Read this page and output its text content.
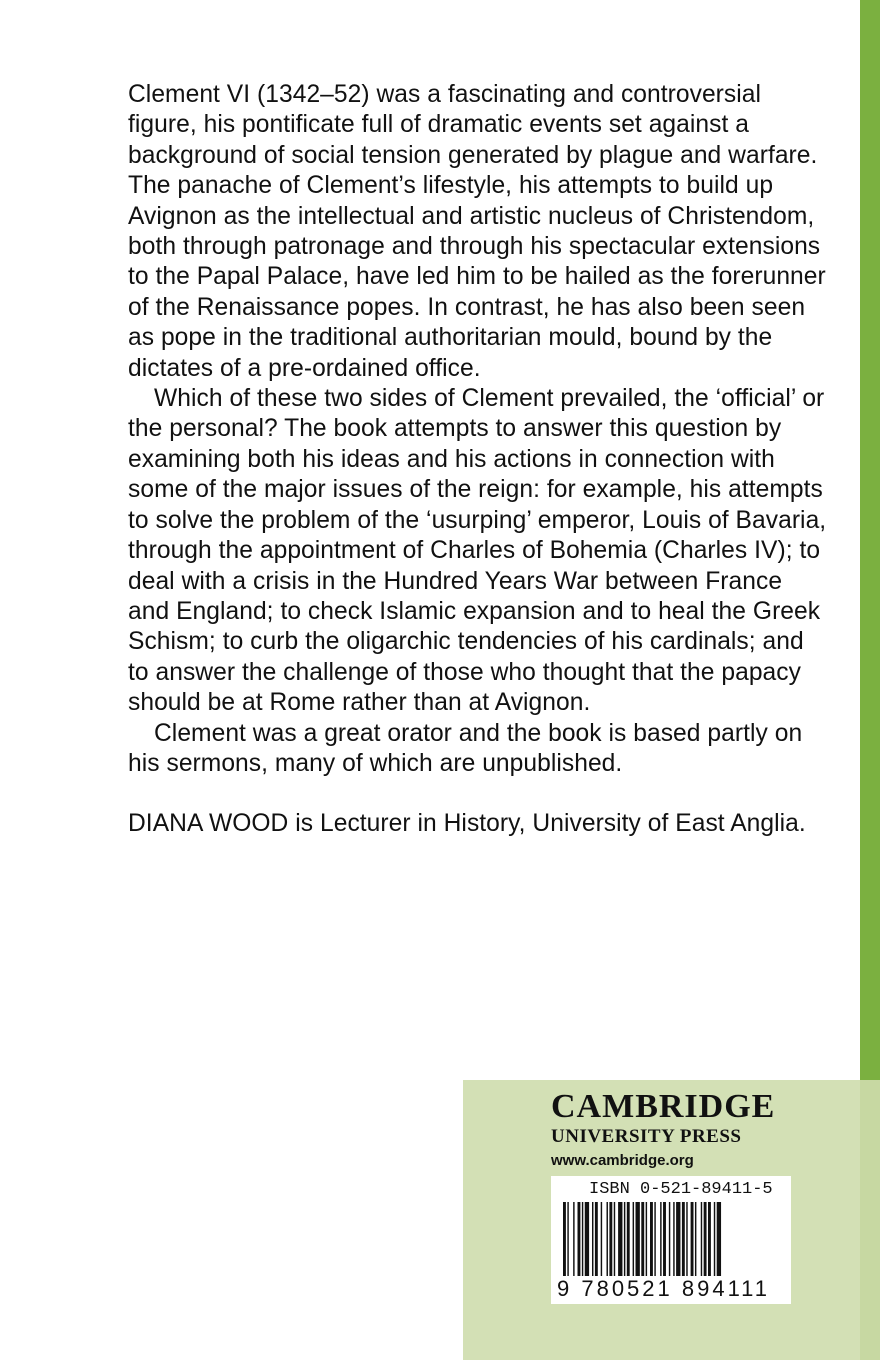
Clement VI (1342–52) was a fascinating and controversial figure, his pontificate full of dramatic events set against a background of social tension generated by plague and warfare. The panache of Clement’s lifestyle, his attempts to build up Avignon as the intellectual and artistic nucleus of Christendom, both through patronage and through his spectacular extensions to the Papal Palace, have led him to be hailed as the forerunner of the Renaissance popes. In contrast, he has also been seen as pope in the traditional authoritarian mould, bound by the dictates of a pre-ordained office.

Which of these two sides of Clement prevailed, the ‘official’ or the personal? The book attempts to answer this question by examining both his ideas and his actions in connection with some of the major issues of the reign: for example, his attempts to solve the problem of the ‘usurping’ emperor, Louis of Bavaria, through the appointment of Charles of Bohemia (Charles IV); to deal with a crisis in the Hundred Years War between France and England; to check Islamic expansion and to heal the Greek Schism; to curb the oligarchic tendencies of his cardinals; and to answer the challenge of those who thought that the papacy should be at Rome rather than at Avignon.

Clement was a great orator and the book is based partly on his sermons, many of which are unpublished.

DIANA WOOD is Lecturer in History, University of East Anglia.

CAMBRIDGE
UNIVERSITY PRESS
www.cambridge.org
ISBN 0-521-89411-5
9 780521 894111
